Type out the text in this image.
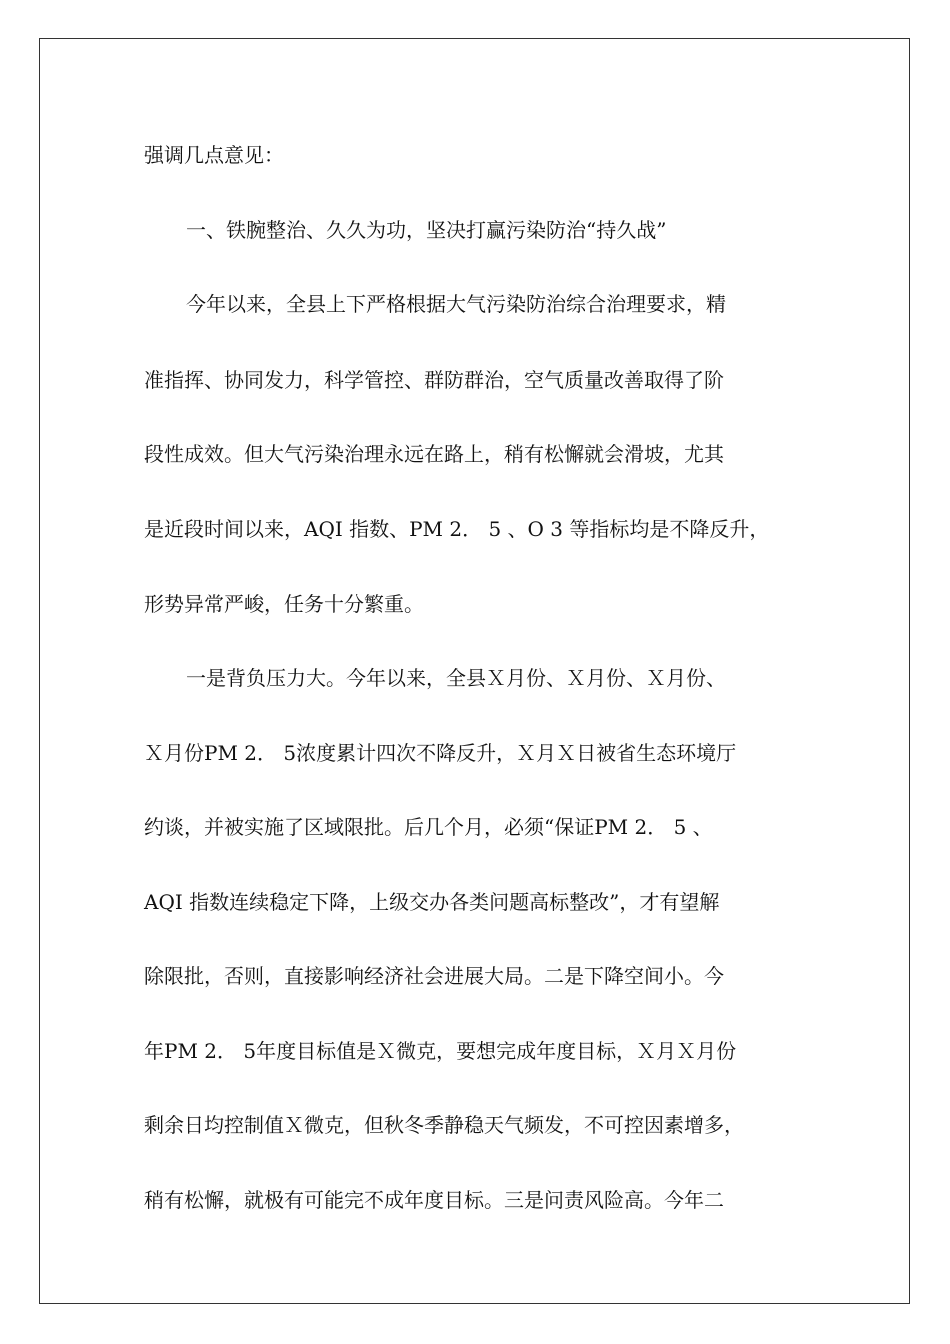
强调几点意见：
一、铁腕整治、久久为功，坚决打赢污染防治“持久战”
今年以来，全县上下严格根据大气污染防治综合治理要求，精
准指挥、协同发力，科学管控、群防群治，空气质量改善取得了阶
段性成效。但大气污染治理永远在路上，稍有松懈就会滑坡，尤其
是近段时间以来，AQI 指数、PM 2． 5 、O 3 等指标均是不降反升，
形势异常严峻，任务十分繁重。
一是背负压力大。今年以来，全县Ｘ月份、Ｘ月份、Ｘ月份、
Ｘ月份PM 2． 5浓度累计四次不降反升，Ｘ月Ｘ日被省生态环境厅
约谈，并被实施了区域限批。后几个月，必须“保证PM 2． 5 、
AQI 指数连续稳定下降，上级交办各类问题高标整改”，才有望解
除限批，否则，直接影响经济社会进展大局。二是下降空间小。今
年PM 2． 5年度目标值是Ｘ微克，要想完成年度目标，Ｘ月Ｘ月份
剩余日均控制值Ｘ微克，但秋冬季静稳天气频发，不可控因素增多，
稍有松懈，就极有可能完不成年度目标。三是问责风险高。今年二
